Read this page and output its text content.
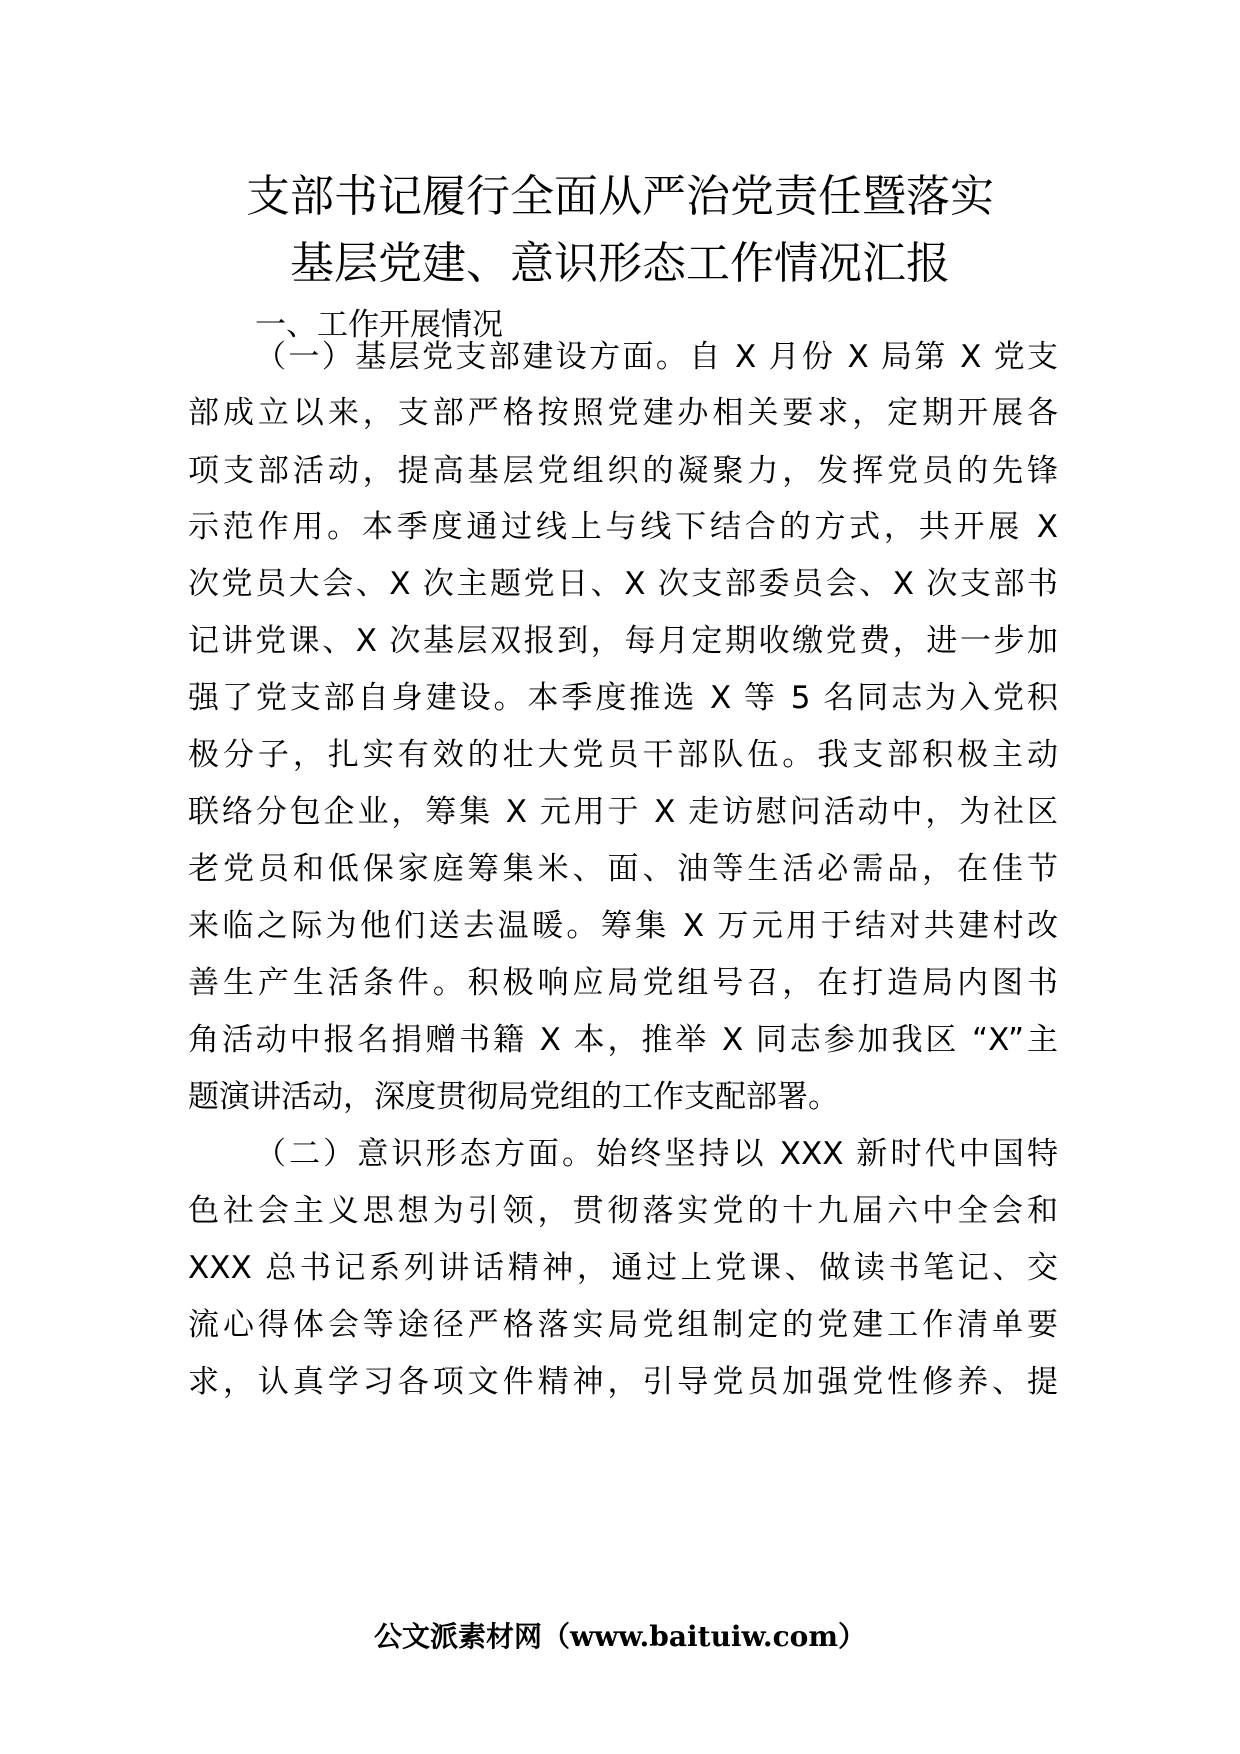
支部书记履行全面从严治党责任暨落实
基层党建、意识形态工作情况汇报
一、工作开展情况
（一）基层党支部建设方面。自 X 月份 X 局第 X 党支
部成立以来，支部严格按照党建办相关要求，定期开展各
项支部活动，提高基层党组织的凝聚力，发挥党员的先锋
示范作用。本季度通过线上与线下结合的方式，共开展 X
次党员大会、X 次主题党日、X 次支部委员会、X 次支部书
记讲党课、X 次基层双报到，每月定期收缴党费，进一步加
强了党支部自身建设。本季度推选 X 等 5 名同志为入党积
极分子，扎实有效的壮大党员干部队伍。我支部积极主动
联络分包企业，筹集 X 元用于 X 走访慰问活动中，为社区
老党员和低保家庭筹集米、面、油等生活必需品，在佳节
来临之际为他们送去温暖。筹集 X 万元用于结对共建村改
善生产生活条件。积极响应局党组号召，在打造局内图书
角活动中报名捐赠书籍 X 本，推举 X 同志参加我区 “X”主
题演讲活动，深度贯彻局党组的工作支配部署。
（二）意识形态方面。始终坚持以 XXX 新时代中国特
色社会主义思想为引领，贯彻落实党的十九届六中全会和
XXX 总书记系列讲话精神，通过上党课、做读书笔记、交
流心得体会等途径严格落实局党组制定的党建工作清单要
求，认真学习各项文件精神，引导党员加强党性修养、提
公文派素材网（www.baituiw.com）
